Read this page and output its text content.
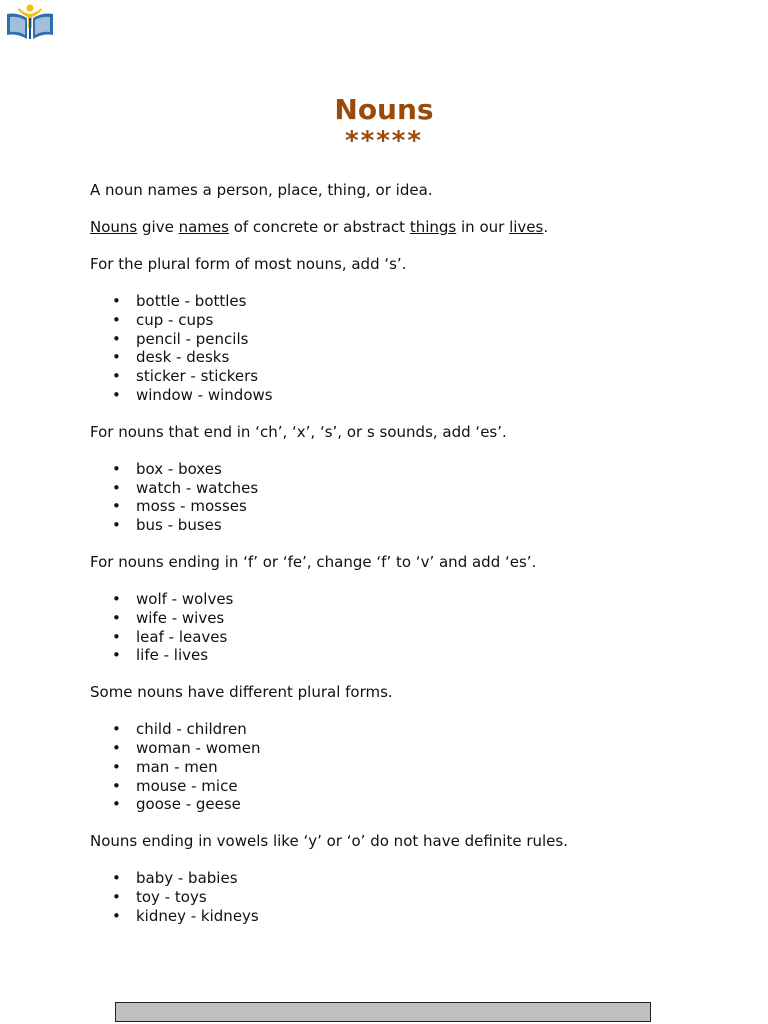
Nouns
*****

A noun names a person, place, thing, or idea.

Nouns give names of concrete or abstract things in our lives.

For the plural form of most nouns, add ‘s’.

• bottle - bottles
• cup - cups
• pencil - pencils
• desk - desks
• sticker - stickers
• window - windows

For nouns that end in ‘ch’, ‘x’, ‘s’, or s sounds, add ‘es’.

• box - boxes
• watch - watches
• moss - mosses
• bus - buses

For nouns ending in ‘f’ or ‘fe’, change ‘f’ to ‘v’ and add ‘es’.

• wolf - wolves
• wife - wives
• leaf - leaves
• life - lives

Some nouns have different plural forms.

• child - children
• woman - women
• man - men
• mouse - mice
• goose - geese

Nouns ending in vowels like ‘y’ or ‘o’ do not have definite rules.

• baby - babies
• toy - toys
• kidney - kidneys
